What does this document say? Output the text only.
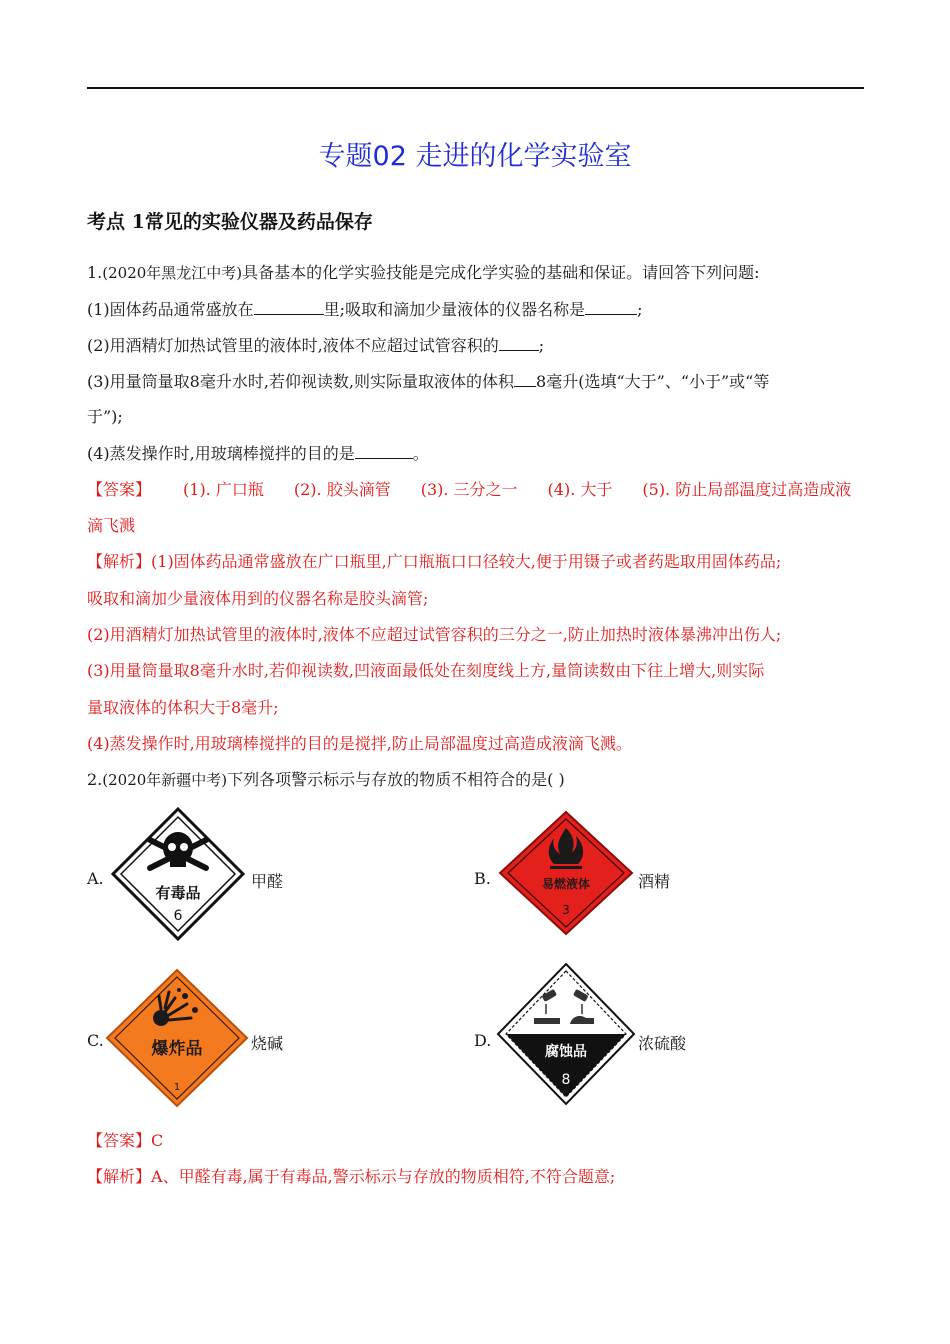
专题02 走进的化学实验室
考点 1常见的实验仪器及药品保存
1.(2020年黑龙江中考)具备基本的化学实验技能是完成化学实验的基础和保证。请回答下列问题:
(1)固体药品通常盛放在	里;吸取和滴加少量液体的仪器名称是	;
(2)用酒精灯加热试管里的液体时,液体不应超过试管容积的	;
(3)用量筒量取8毫升水时,若仰视读数,则实际量取液体的体积 8毫升(选填“大于”、“小于”或“等
于”);
(4)蒸发操作时,用玻璃棒搅拌的目的是	。
【答案】 (1). 广口瓶 (2). 胶头滴管 (3). 三分之一 (4). 大于 (5). 防止局部温度过高造成液
滴飞溅
【解析】(1)固体药品通常盛放在广口瓶里,广口瓶瓶口口径较大,便于用镊子或者药匙取用固体药品;
吸取和滴加少量液体用到的仪器名称是胶头滴管;
(2)用酒精灯加热试管里的液体时,液体不应超过试管容积的三分之一,防止加热时液体暴沸冲出伤人;
(3)用量筒量取8毫升水时,若仰视读数,凹液面最低处在刻度线上方,量筒读数由下往上增大,则实际
量取液体的体积大于8毫升;
(4)蒸发操作时,用玻璃棒搅拌的目的是搅拌,防止局部温度过高造成液滴飞溅。
2.(2020年新疆中考)下列各项警示标示与存放的物质不相符合的是( )
A.
有毒品
6
甲醛	B.	易燃液体
3
酒精
C.	爆炸品
1
烧碱	D.
腐蚀品
8
浓硫酸
【答案】C
【解析】A、甲醛有毒,属于有毒品,警示标示与存放的物质相符,不符合题意;
